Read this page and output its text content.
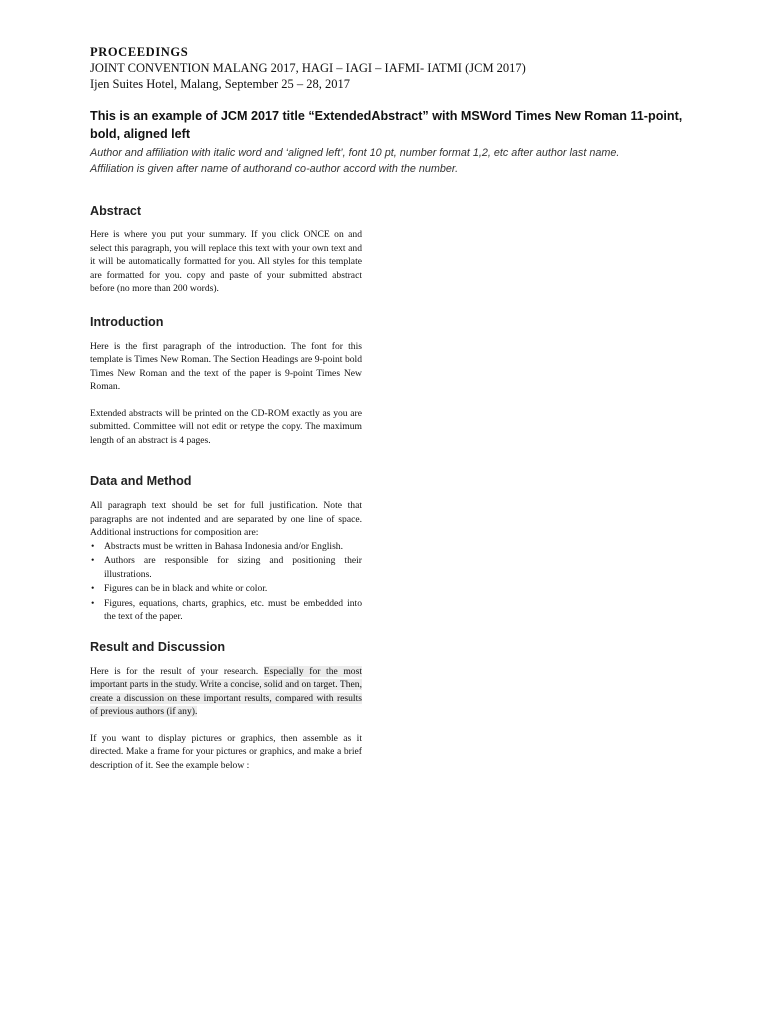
PROCEEDINGS
JOINT CONVENTION MALANG 2017, HAGI – IAGI – IAFMI- IATMI (JCM 2017)
Ijen Suites Hotel, Malang, September 25 – 28, 2017
This is an example of JCM 2017 title “ExtendedAbstract” with MSWord Times New Roman 11-point, bold, aligned left

Author and affiliation with italic word and ‘aligned left’, font 10 pt, number format 1,2, etc after author last name.
Affiliation is given after name of authorand co-author accord with the number.

Abstract

Here is where you put your summary. If you click ONCE on and select this paragraph, you will replace this text with your own text and it will be automatically formatted for you. All styles for this template are formatted for you. copy and paste of your submitted abstract before (no more than 200 words).

Introduction

Here is the first paragraph of the introduction. The font for this template is Times New Roman. The Section Headings are 9-point bold Times New Roman and the text of the paper is 9-point Times New Roman.

Extended abstracts will be printed on the CD-ROM exactly as you are submitted. Committee will not edit or retype the copy. The maximum length of an abstract is 4 pages.

Data and Method

All paragraph text should be set for full justification. Note that paragraphs are not indented and are separated by one line of space. Additional instructions for composition are:

• Abstracts must be written in Bahasa Indonesia and/or English.
• Authors are responsible for sizing and positioning their illustrations.
• Figures can be in black and white or color.
• Figures, equations, charts, graphics, etc. must be embedded into the text of the paper.
Result and Discussion

Here is for the result of your research. Especially for the most important parts in the study. Write a concise, solid and on target. Then, create a discussion on these important results, compared with results of previous authors (if any).

If you want to display pictures or graphics, then assemble as it directed. Make a frame for your pictures or graphics, and make a brief description of it. See the example below :
